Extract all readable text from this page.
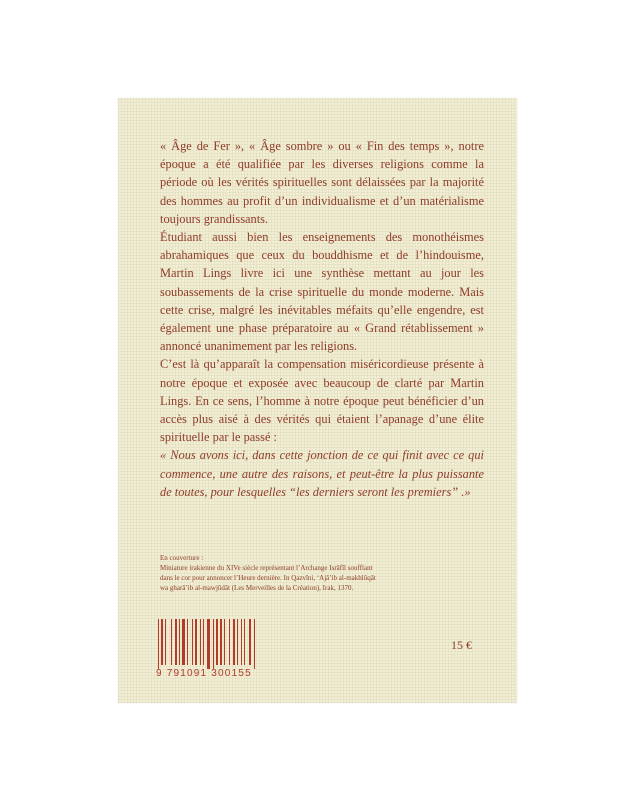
« Âge de Fer », « Âge sombre » ou « Fin des temps », notre époque a été qualifiée par les diverses religions comme la période où les vérités spirituelles sont délaissées par la majorité des hommes au profit d’un individualisme et d’un matérialisme toujours grandissants.

Étudiant aussi bien les enseignements des monothéismes abrahamiques que ceux du bouddhisme et de l’hindouisme, Martin Lings livre ici une synthèse mettant au jour les soubassements de la crise spirituelle du monde moderne. Mais cette crise, malgré les inévitables méfaits qu’elle engendre, est également une phase préparatoire au « Grand rétablissement » annoncé unanimement par les religions.

C’est là qu’apparaît la compensation miséricordieuse présente à notre époque et exposée avec beaucoup de clarté par Martin Lings. En ce sens, l’homme à notre époque peut bénéficier d’un accès plus aisé à des vérités qui étaient l’apanage d’une élite spirituelle par le passé :

« Nous avons ici, dans cette jonction de ce qui finit avec ce qui commence, une autre des raisons, et peut-être la plus puissante de toutes, pour lesquelles “les derniers seront les premiers” .»

En couverture :
Miniature irakienne du XIVe siècle représentant l’Archange Isrâfîl soufflant
dans le cor pour annoncer l’Heure dernière. In Qazvîni, ‘Ajâ’ib al-makhlûqât
wa gharâ’ib al-mawjûdât (Les Merveilles de la Création), Irak, 1370.
9 791091 300155
15 €
